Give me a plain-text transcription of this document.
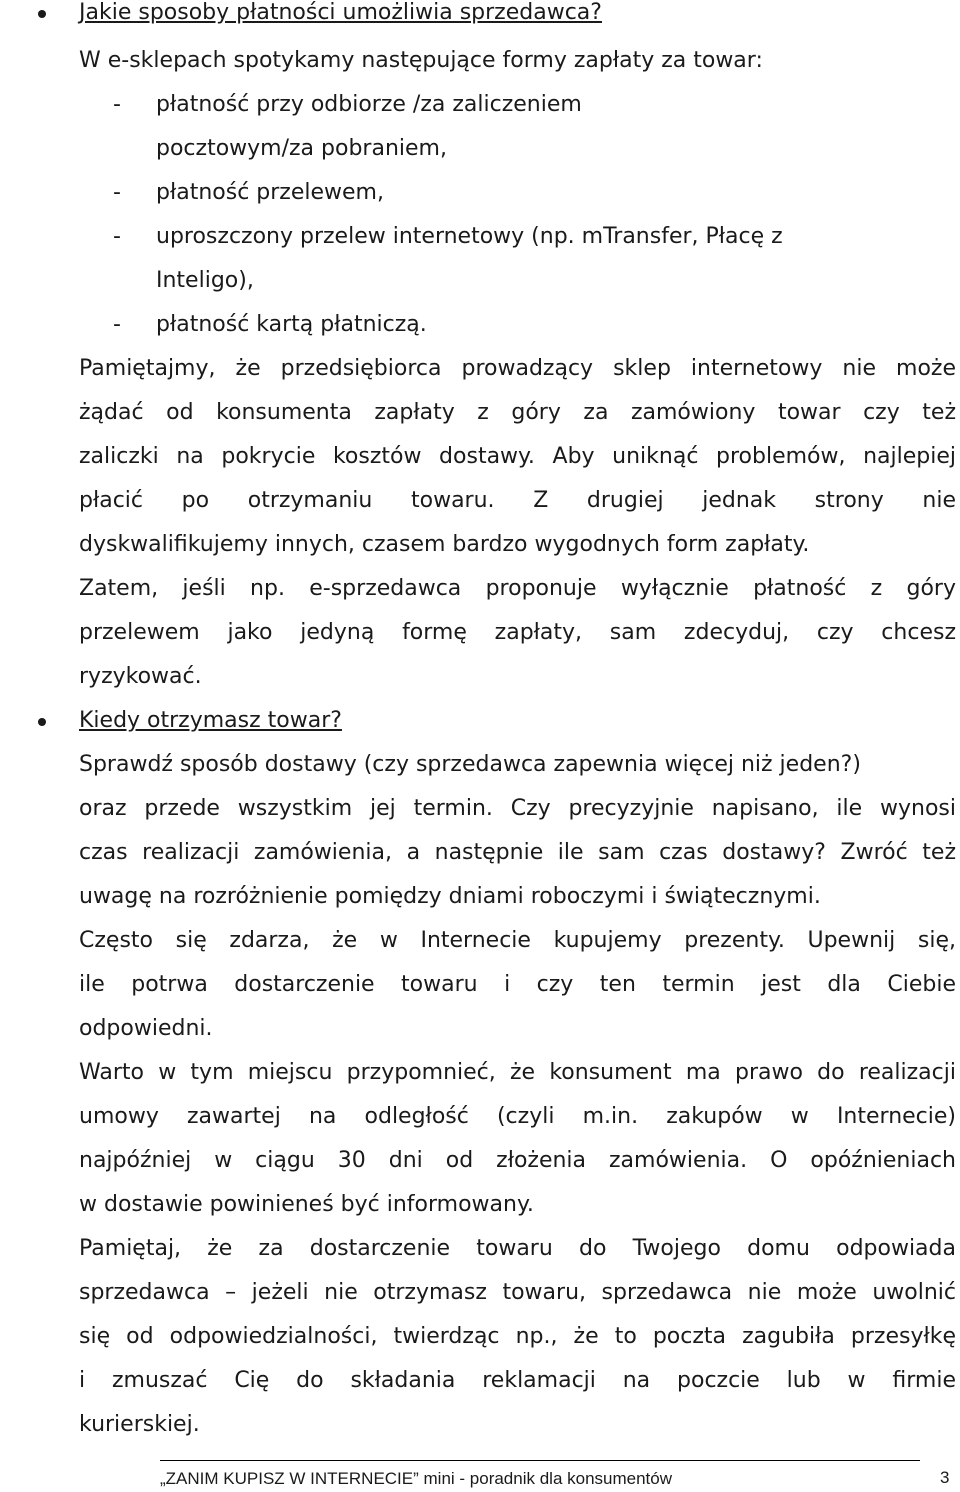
Jakie sposoby płatności umożliwia sprzedawca?
W e-sklepach spotykamy następujące formy zapłaty za towar:
- płatność przy odbiorze /za zaliczeniem
pocztowym/za pobraniem,
- płatność przelewem,
- uproszczony przelew internetowy (np. mTransfer, Płacę z
Inteligo),
- płatność kartą płatniczą.
Pamiętajmy, że przedsiębiorca prowadzący sklep internetowy nie może
żądać od konsumenta zapłaty z góry za zamówiony towar czy też
zaliczki na pokrycie kosztów dostawy. Aby uniknąć problemów, najlepiej
płacić po otrzymaniu towaru. Z drugiej jednak strony nie
dyskwalifikujemy innych, czasem bardzo wygodnych form zapłaty.
Zatem, jeśli np. e-sprzedawca proponuje wyłącznie płatność z góry
przelewem jako jedyną formę zapłaty, sam zdecyduj, czy chcesz
ryzykować.
Kiedy otrzymasz towar?
Sprawdź sposób dostawy (czy sprzedawca zapewnia więcej niż jeden?)
oraz przede wszystkim jej termin. Czy precyzyjnie napisano, ile wynosi
czas realizacji zamówienia, a następnie ile sam czas dostawy? Zwróć też
uwagę na rozróżnienie pomiędzy dniami roboczymi i świątecznymi.
Często się zdarza, że w Internecie kupujemy prezenty. Upewnij się,
ile potrwa dostarczenie towaru i czy ten termin jest dla Ciebie
odpowiedni.
Warto w tym miejscu przypomnieć, że konsument ma prawo do realizacji
umowy zawartej na odległość (czyli m.in. zakupów w Internecie)
najpóźniej w ciągu 30 dni od złożenia zamówienia. O opóźnieniach
w dostawie powinieneś być informowany.
Pamiętaj, że za dostarczenie towaru do Twojego domu odpowiada
sprzedawca – jeżeli nie otrzymasz towaru, sprzedawca nie może uwolnić
się od odpowiedzialności, twierdząc np., że to poczta zagubiła przesyłkę
i zmuszać Cię do składania reklamacji na poczcie lub w firmie
kurierskiej.
„ZANIM KUPISZ W INTERNECIE” mini - poradnik dla konsumentów	3
